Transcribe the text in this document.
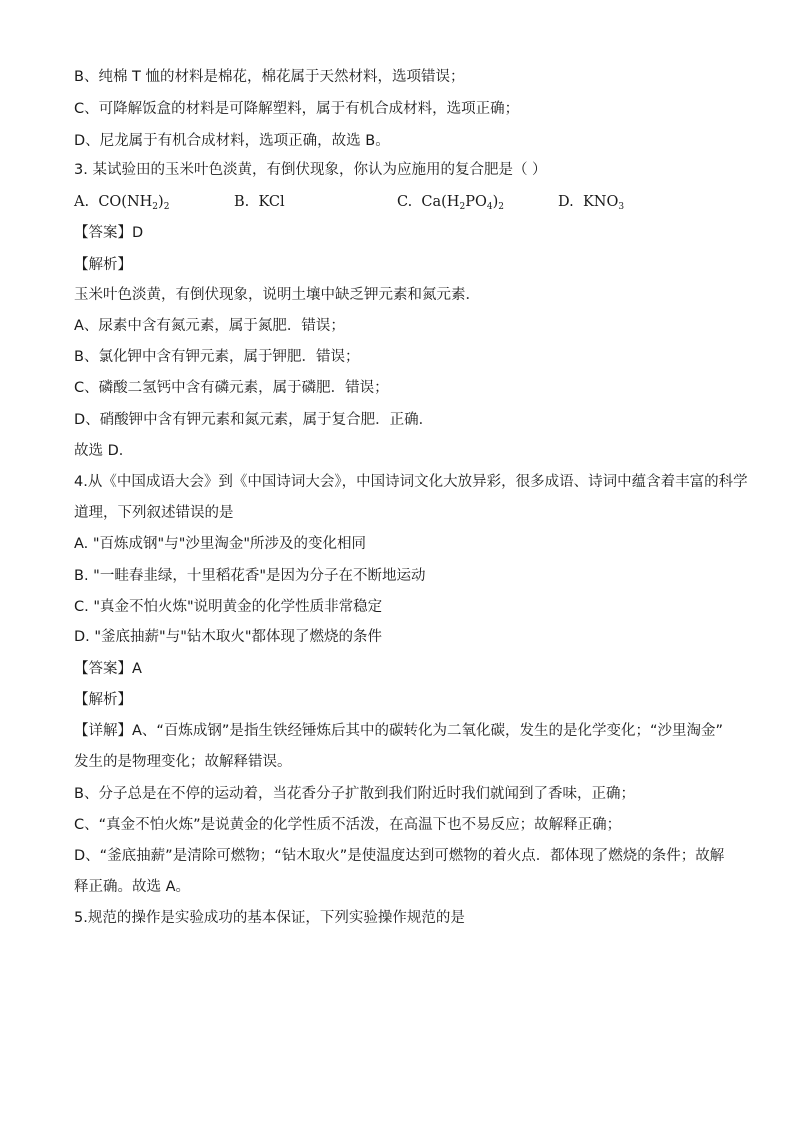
B、纯棉 T 恤的材料是棉花，棉花属于天然材料，选项错误；
C、可降解饭盒的材料是可降解塑料，属于有机合成材料，选项正确；
D、尼龙属于有机合成材料，选项正确，故选 B。
3. 某试验田的玉米叶色淡黄，有倒伏现象，你认为应施用的复合肥是（ ）
A. $CO(NH_2)_2$	B. KCl	C. $Ca(H_2PO_4)_2$	D. $KNO_3$
【答案】D
【解析】
玉米叶色淡黄，有倒伏现象，说明土壤中缺乏钾元素和氮元素．
A、尿素中含有氮元素，属于氮肥．错误；
B、氯化钾中含有钾元素，属于钾肥．错误；
C、磷酸二氢钙中含有磷元素，属于磷肥．错误；
D、硝酸钾中含有钾元素和氮元素，属于复合肥．正确．
故选 D．
4.从《中国成语大会》到《中国诗词大会》，中国诗词文化大放异彩，很多成语、诗词中蕴含着丰富的科学
道理，下列叙述错误的是
A. "百炼成钢"与"沙里淘金"所涉及的变化相同
B. "一畦春韭绿，十里稻花香"是因为分子在不断地运动
C. "真金不怕火炼"说明黄金的化学性质非常稳定
D. "釜底抽薪"与"钻木取火"都体现了燃烧的条件
【答案】A
【解析】
【详解】A、“百炼成钢”是指生铁经锤炼后其中的碳转化为二氧化碳，发生的是化学变化；“沙里淘金”
发生的是物理变化；故解释错误。
B、分子总是在不停的运动着，当花香分子扩散到我们附近时我们就闻到了香味，正确；
C、“真金不怕火炼”是说黄金的化学性质不活泼，在高温下也不易反应；故解释正确；
D、“釜底抽薪”是清除可燃物；“钻木取火”是使温度达到可燃物的着火点．都体现了燃烧的条件；故解
释正确。故选 A。
5.规范的操作是实验成功的基本保证，下列实验操作规范的是
